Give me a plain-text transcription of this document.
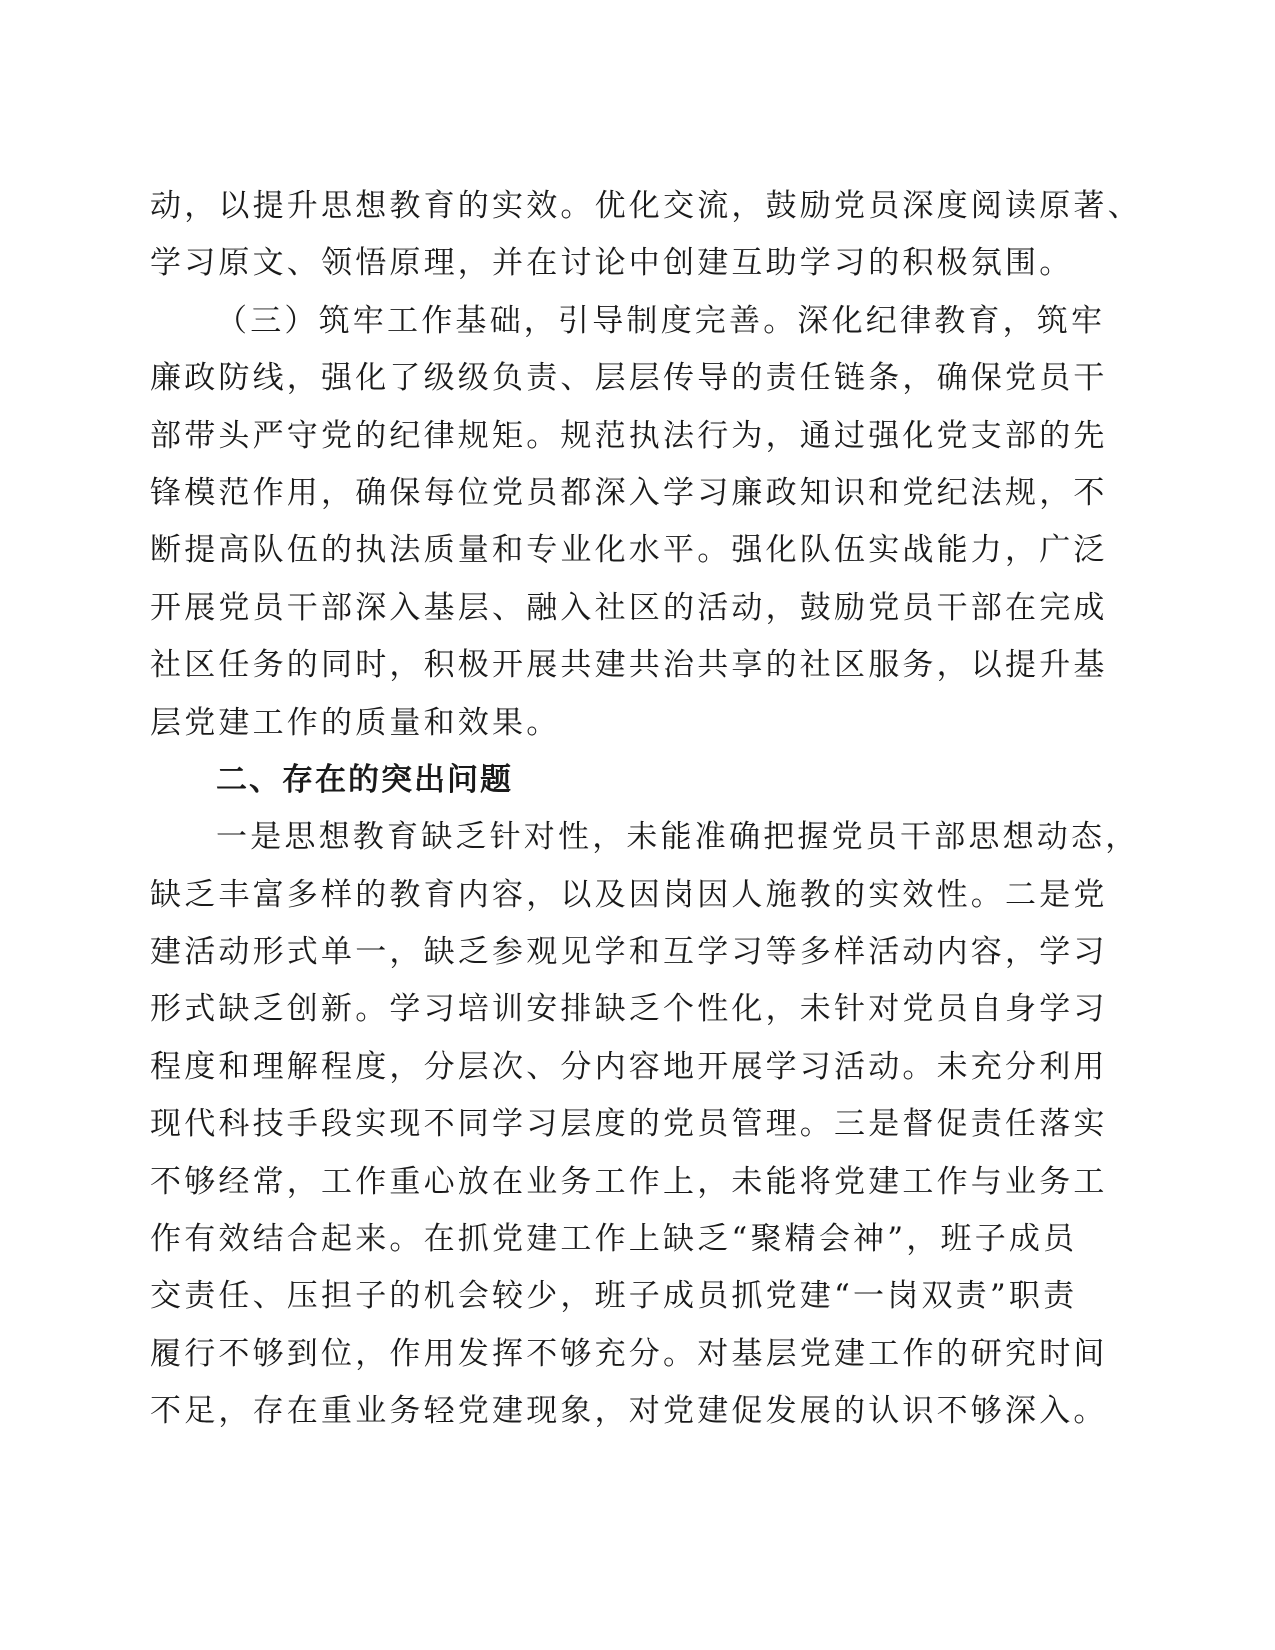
动，以提升思想教育的实效。优化交流，鼓励党员深度阅读原著、
学习原文、领悟原理，并在讨论中创建互助学习的积极氛围。
（三）筑牢工作基础，引导制度完善。深化纪律教育，筑牢
廉政防线，强化了级级负责、层层传导的责任链条，确保党员干
部带头严守党的纪律规矩。规范执法行为，通过强化党支部的先
锋模范作用，确保每位党员都深入学习廉政知识和党纪法规，不
断提高队伍的执法质量和专业化水平。强化队伍实战能力，广泛
开展党员干部深入基层、融入社区的活动，鼓励党员干部在完成
社区任务的同时，积极开展共建共治共享的社区服务，以提升基
层党建工作的质量和效果。
二、存在的突出问题
一是思想教育缺乏针对性，未能准确把握党员干部思想动态，
缺乏丰富多样的教育内容，以及因岗因人施教的实效性。二是党
建活动形式单一，缺乏参观见学和互学习等多样活动内容，学习
形式缺乏创新。学习培训安排缺乏个性化，未针对党员自身学习
程度和理解程度，分层次、分内容地开展学习活动。未充分利用
现代科技手段实现不同学习层度的党员管理。三是督促责任落实
不够经常，工作重心放在业务工作上，未能将党建工作与业务工
作有效结合起来。在抓党建工作上缺乏“聚精会神”，班子成员
交责任、压担子的机会较少，班子成员抓党建“一岗双责”职责
履行不够到位，作用发挥不够充分。对基层党建工作的研究时间
不足，存在重业务轻党建现象，对党建促发展的认识不够深入。
